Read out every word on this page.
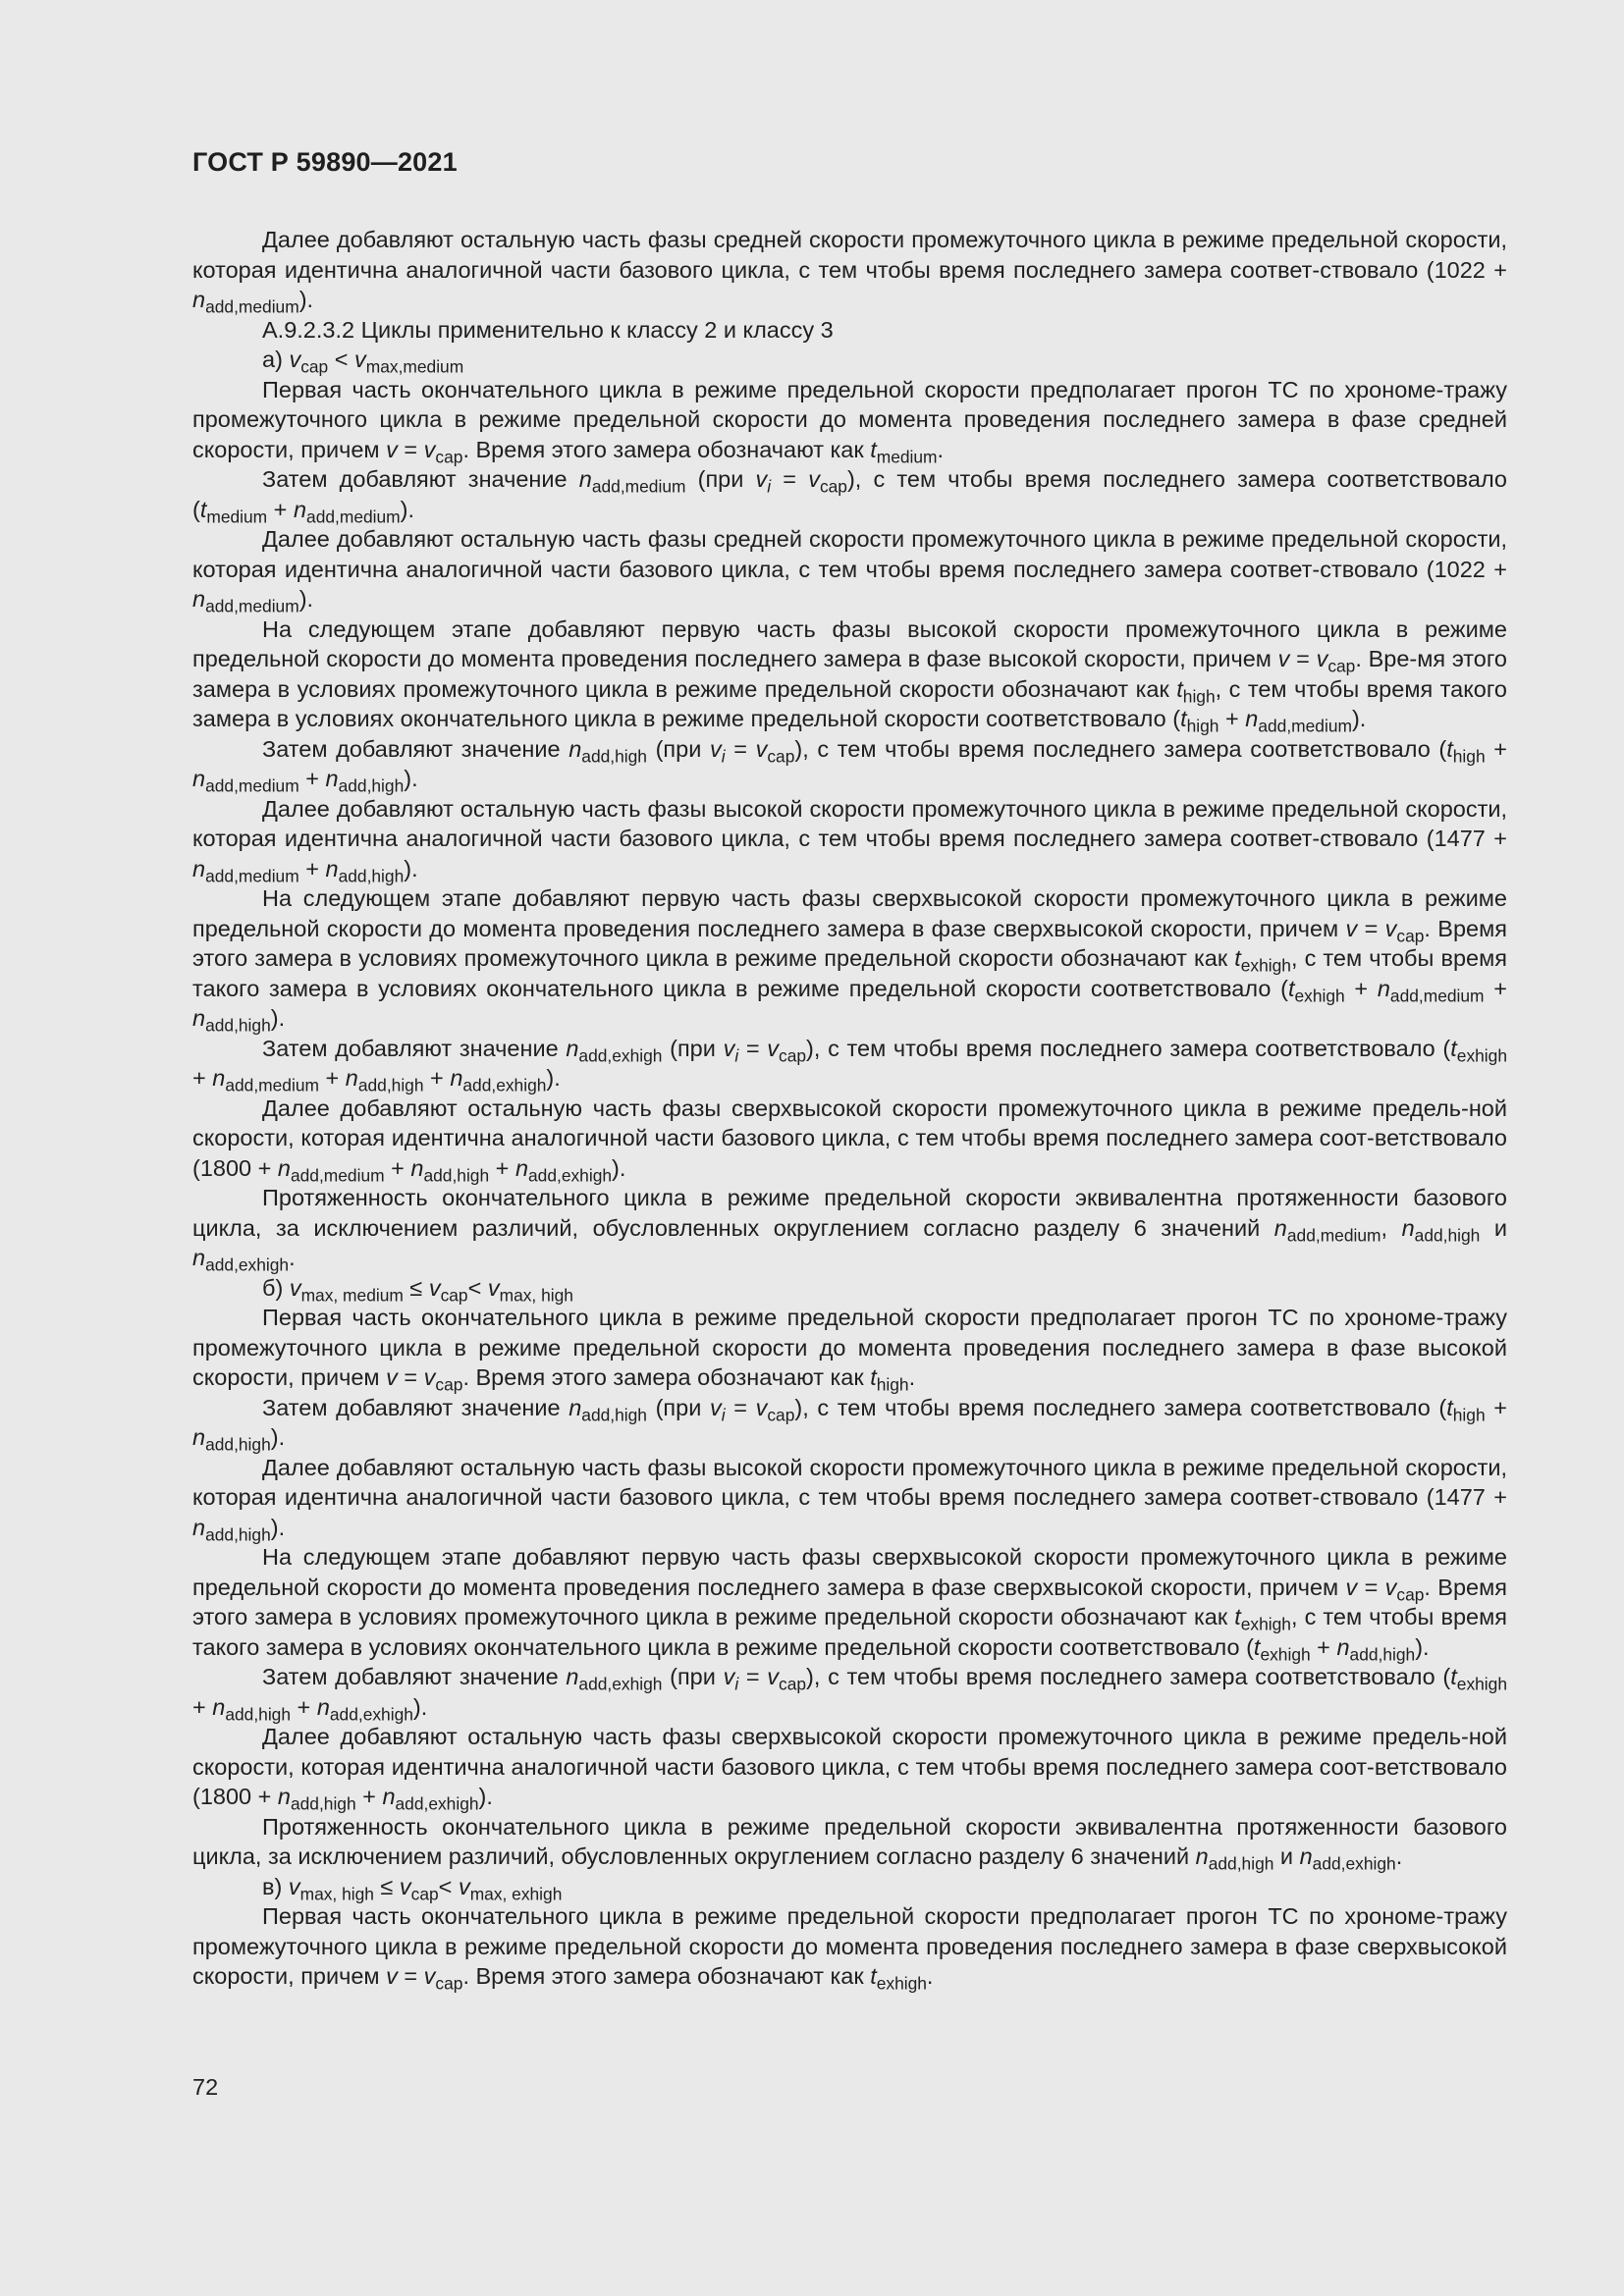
ГОСТ Р 59890—2021

Далее добавляют остальную часть фазы средней скорости промежуточного цикла в режиме предельной скорости, которая идентична аналогичной части базового цикла, с тем чтобы время последнего замера соответ-ствовало $(1022 + n_{add,medium})$.

А.9.2.3.2 Циклы применительно к классу 2 и классу 3

а) $v_{cap} < v_{max,medium}$

Первая часть окончательного цикла в режиме предельной скорости предполагает прогон ТС по хрономе-тражу промежуточного цикла в режиме предельной скорости до момента проведения последнего замера в фазе средней скорости, причем $v = v_{cap}$. Время этого замера обозначают как $t_{medium}$.

Затем добавляют значение $n_{add,medium}$ (при $v_i = v_{cap}$), с тем чтобы время последнего замера соответствовало $(t_{medium} + n_{add,medium})$.

Далее добавляют остальную часть фазы средней скорости промежуточного цикла в режиме предельной скорости, которая идентична аналогичной части базового цикла, с тем чтобы время последнего замера соответ-ствовало $(1022 + n_{add,medium})$.

На следующем этапе добавляют первую часть фазы высокой скорости промежуточного цикла в режиме предельной скорости до момента проведения последнего замера в фазе высокой скорости, причем $v = v_{cap}$. Вре-мя этого замера в условиях промежуточного цикла в режиме предельной скорости обозначают как $t_{high}$, с тем чтобы время такого замера в условиях окончательного цикла в режиме предельной скорости соответствовало $(t_{high} + n_{add,medium})$.

Затем добавляют значение $n_{add,high}$ (при $v_i = v_{cap}$), с тем чтобы время последнего замера соответствовало $(t_{high} + n_{add,medium} + n_{add,high})$.

Далее добавляют остальную часть фазы высокой скорости промежуточного цикла в режиме предельной скорости, которая идентична аналогичной части базового цикла, с тем чтобы время последнего замера соответ-ствовало $(1477 + n_{add,medium} + n_{add,high})$.

На следующем этапе добавляют первую часть фазы сверхвысокой скорости промежуточного цикла в режиме предельной скорости до момента проведения последнего замера в фазе сверхвысокой скорости, причем $v = v_{cap}$. Время этого замера в условиях промежуточного цикла в режиме предельной скорости обозначают как $t_{exhigh}$, с тем чтобы время такого замера в условиях окончательного цикла в режиме предельной скорости соответствовало $(t_{exhigh} + n_{add,medium} + n_{add,high})$.

Затем добавляют значение $n_{add,exhigh}$ (при $v_i = v_{cap}$), с тем чтобы время последнего замера соответствовало $(t_{exhigh} + n_{add,medium} + n_{add,high} + n_{add,exhigh})$.

Далее добавляют остальную часть фазы сверхвысокой скорости промежуточного цикла в режиме предель-ной скорости, которая идентична аналогичной части базового цикла, с тем чтобы время последнего замера соот-ветствовало $(1800 + n_{add,medium} + n_{add,high} + n_{add,exhigh})$.

Протяженность окончательного цикла в режиме предельной скорости эквивалентна протяженности базового цикла, за исключением различий, обусловленных округлением согласно разделу 6 значений $n_{add,medium}$, $n_{add,high}$ и $n_{add,exhigh}$.

б) $v_{max, medium} \le v_{cap}< v_{max, high}$

Первая часть окончательного цикла в режиме предельной скорости предполагает прогон ТС по хрономе-тражу промежуточного цикла в режиме предельной скорости до момента проведения последнего замера в фазе высокой скорости, причем $v = v_{cap}$. Время этого замера обозначают как $t_{high}$.

Затем добавляют значение $n_{add,high}$ (при $v_i = v_{cap}$), с тем чтобы время последнего замера соответствовало $(t_{high} + n_{add,high})$.

Далее добавляют остальную часть фазы высокой скорости промежуточного цикла в режиме предельной скорости, которая идентична аналогичной части базового цикла, с тем чтобы время последнего замера соответ-ствовало $(1477 + n_{add,high})$.

На следующем этапе добавляют первую часть фазы сверхвысокой скорости промежуточного цикла в режиме предельной скорости до момента проведения последнего замера в фазе сверхвысокой скорости, причем $v = v_{cap}$. Время этого замера в условиях промежуточного цикла в режиме предельной скорости обозначают как $t_{exhigh}$, с тем чтобы время такого замера в условиях окончательного цикла в режиме предельной скорости соответствовало $(t_{exhigh} + n_{add,high})$.

Затем добавляют значение $n_{add,exhigh}$ (при $v_i = v_{cap}$), с тем чтобы время последнего замера соответствовало $(t_{exhigh} + n_{add,high} + n_{add,exhigh})$.

Далее добавляют остальную часть фазы сверхвысокой скорости промежуточного цикла в режиме предель-ной скорости, которая идентична аналогичной части базового цикла, с тем чтобы время последнего замера соот-ветствовало $(1800 + n_{add,high} + n_{add,exhigh})$.

Протяженность окончательного цикла в режиме предельной скорости эквивалентна протяженности базового цикла, за исключением различий, обусловленных округлением согласно разделу 6 значений $n_{add,high}$ и $n_{add,exhigh}$.

в) $v_{max, high} \le v_{cap}< v_{max, exhigh}$

Первая часть окончательного цикла в режиме предельной скорости предполагает прогон ТС по хрономе-тражу промежуточного цикла в режиме предельной скорости до момента проведения последнего замера в фазе сверхвысокой скорости, причем $v = v_{cap}$. Время этого замера обозначают как $t_{exhigh}$.

72
